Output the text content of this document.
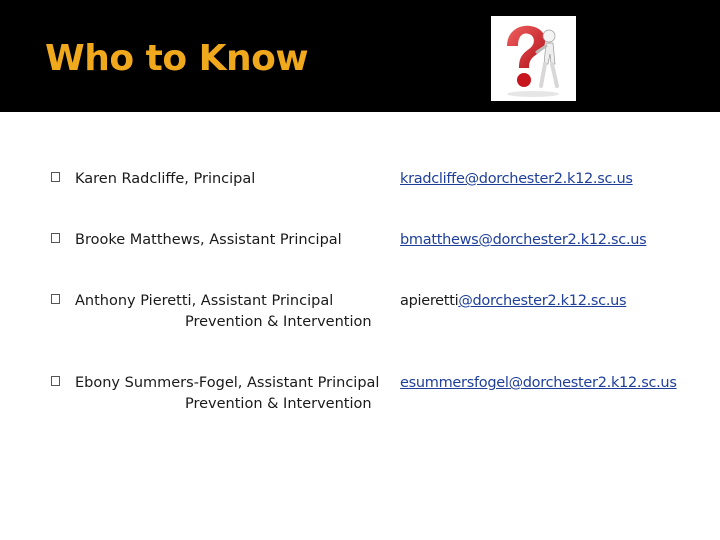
Who to Know
Karen Radcliffe, Principal	kradcliffe@dorchester2.k12.sc.us
Brooke Matthews, Assistant Principal	bmatthews@dorchester2.k12.sc.us
Anthony Pieretti, Assistant Principal
Prevention & Intervention
apieretti@dorchester2.k12.sc.us
Ebony Summers-Fogel, Assistant Principal
Prevention & Intervention
esummersfogel@dorchester2.k12.sc.us
